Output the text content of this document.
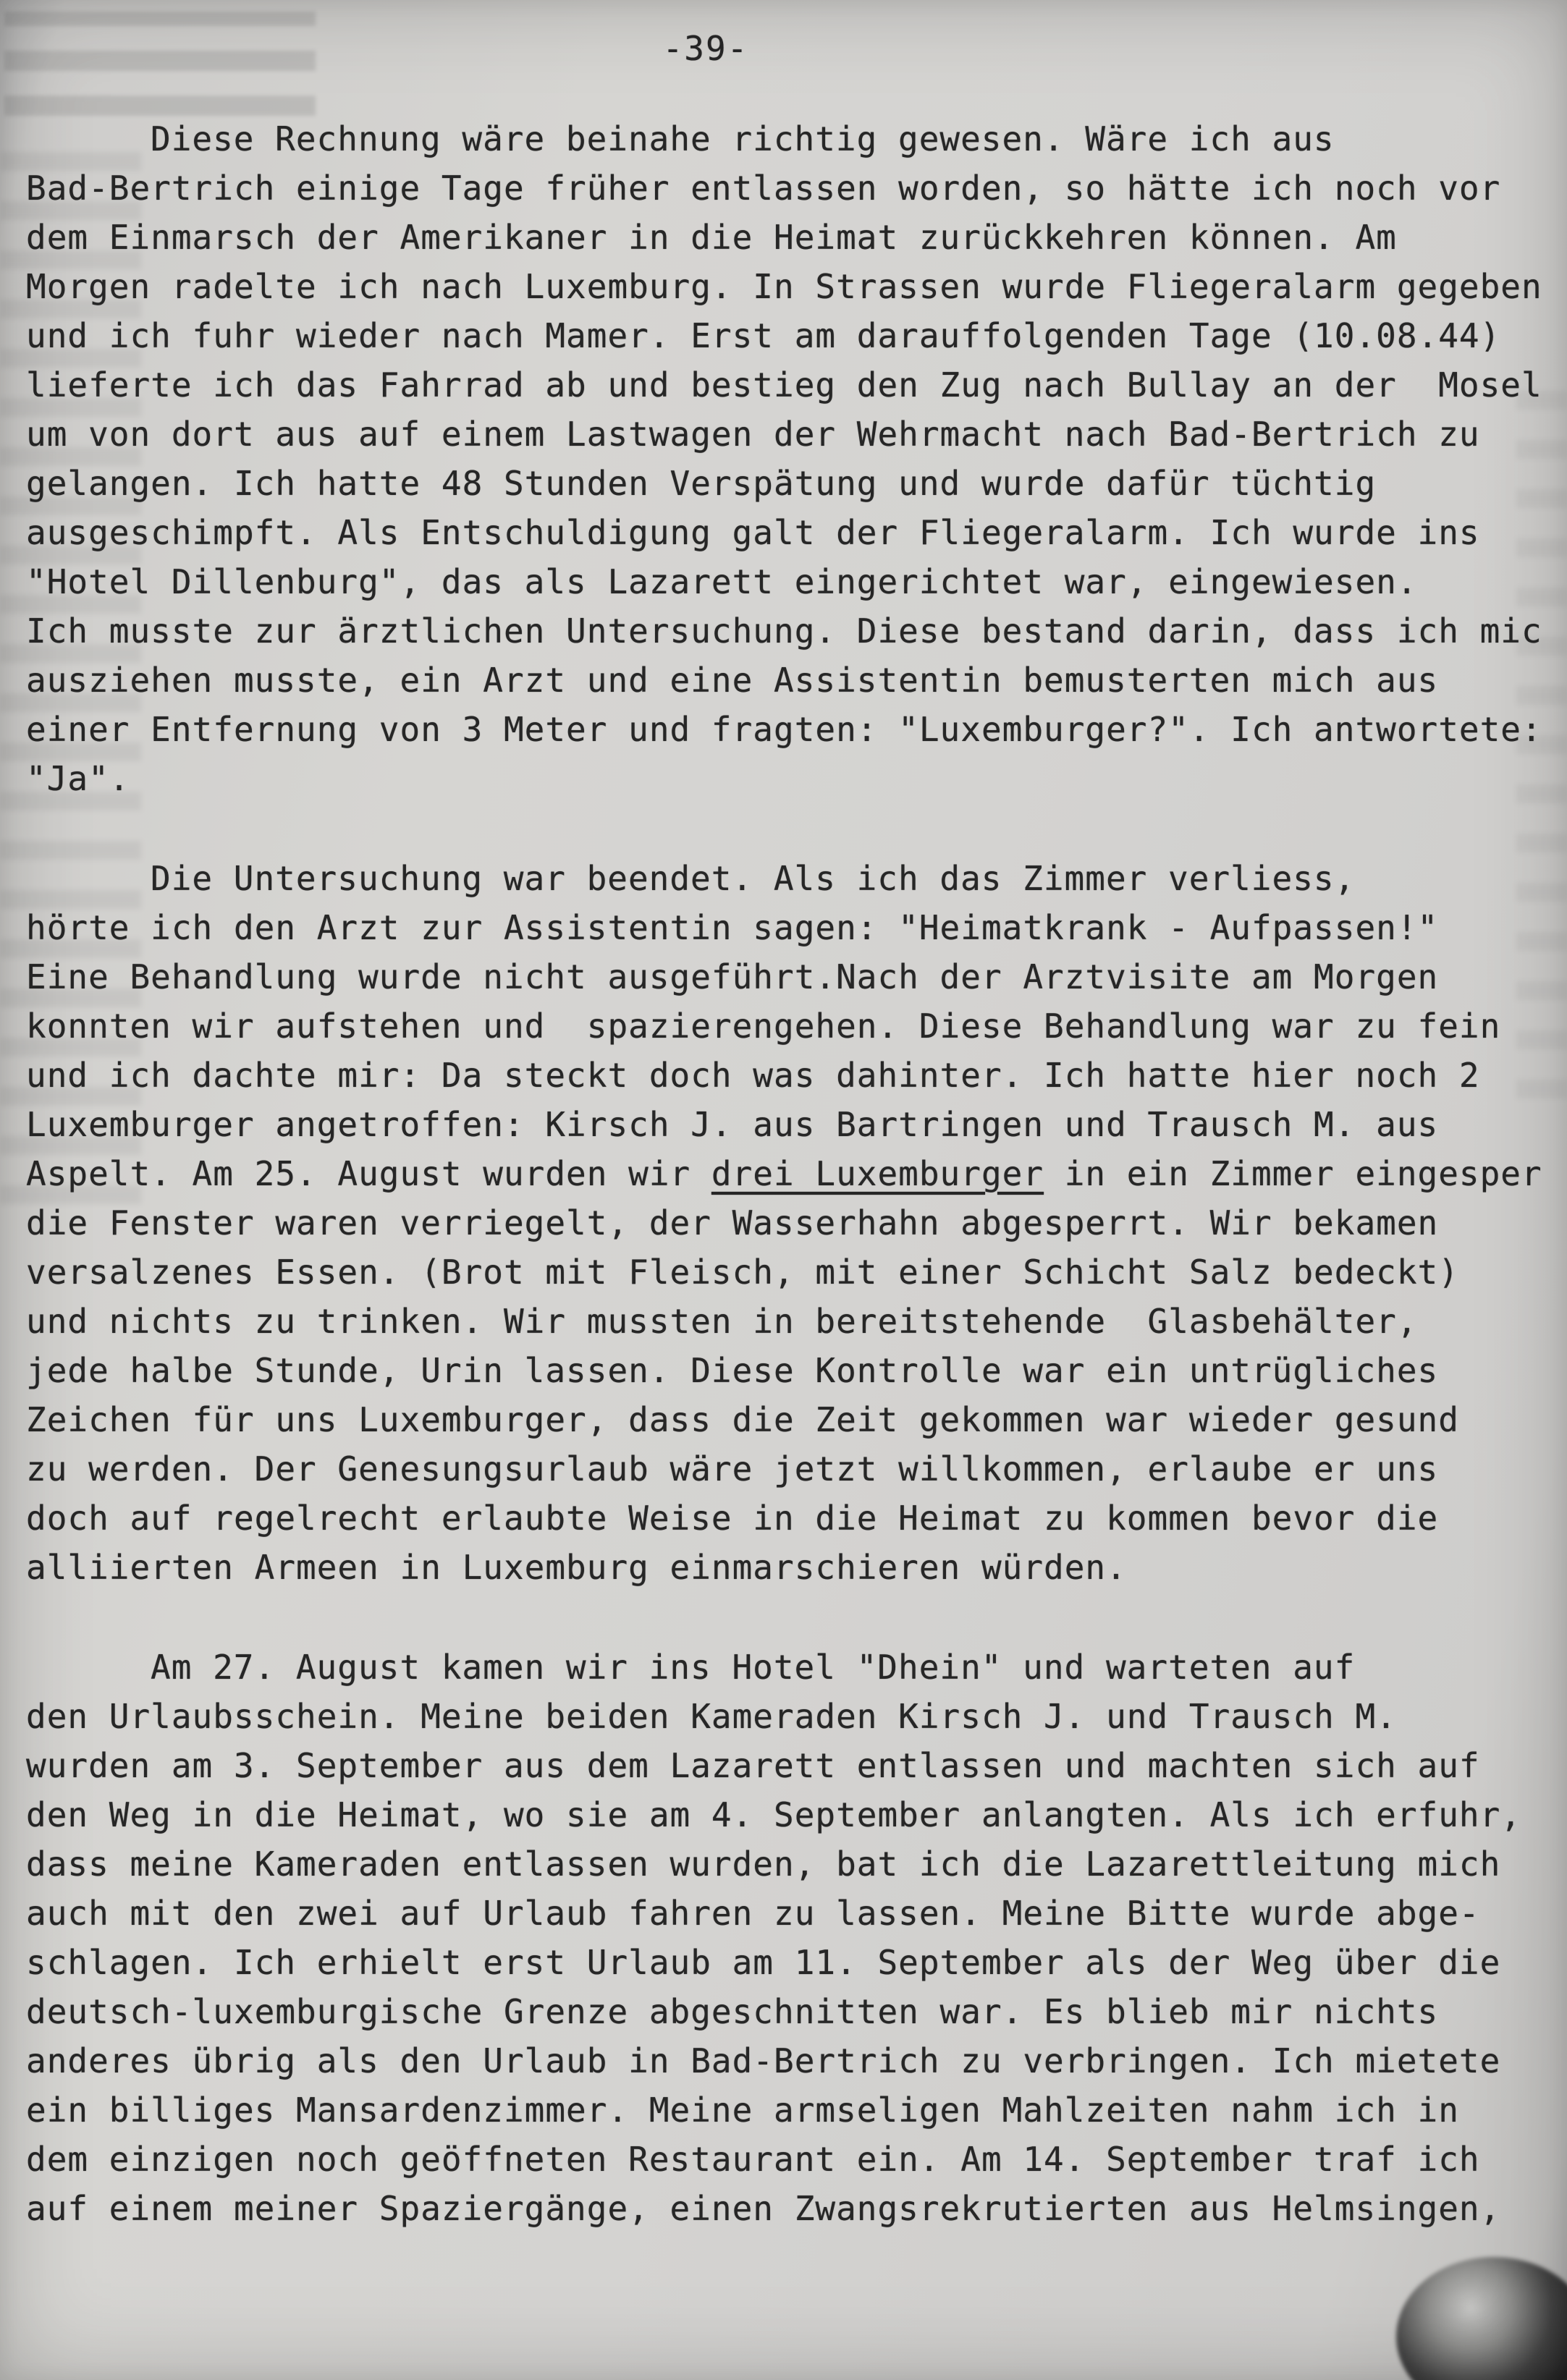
-39-
Diese Rechnung wäre beinahe richtig gewesen. Wäre ich aus
Bad-Bertrich einige Tage früher entlassen worden, so hätte ich noch vor
dem Einmarsch der Amerikaner in die Heimat zurückkehren können. Am
Morgen radelte ich nach Luxemburg. In Strassen wurde Fliegeralarm gegeben
und ich fuhr wieder nach Mamer. Erst am darauffolgenden Tage (10.08.44)
lieferte ich das Fahrrad ab und bestieg den Zug nach Bullay an der  Mosel
um von dort aus auf einem Lastwagen der Wehrmacht nach Bad-Bertrich zu
gelangen. Ich hatte 48 Stunden Verspätung und wurde dafür tüchtig
ausgeschimpft. Als Entschuldigung galt der Fliegeralarm. Ich wurde ins
"Hotel Dillenburg", das als Lazarett eingerichtet war, eingewiesen.
Ich musste zur ärztlichen Untersuchung. Diese bestand darin, dass ich mic
ausziehen musste, ein Arzt und eine Assistentin bemusterten mich aus
einer Entfernung von 3 Meter und fragten: "Luxemburger?". Ich antwortete:
"Ja".
Die Untersuchung war beendet. Als ich das Zimmer verliess,
hörte ich den Arzt zur Assistentin sagen: "Heimatkrank - Aufpassen!"
Eine Behandlung wurde nicht ausgeführt.Nach der Arztvisite am Morgen
konnten wir aufstehen und  spazierengehen. Diese Behandlung war zu fein
und ich dachte mir: Da steckt doch was dahinter. Ich hatte hier noch 2
Luxemburger angetroffen: Kirsch J. aus Bartringen und Trausch M. aus
Aspelt. Am 25. August wurden wir drei Luxemburger in ein Zimmer eingesper
die Fenster waren verriegelt, der Wasserhahn abgesperrt. Wir bekamen
versalzenes Essen. (Brot mit Fleisch, mit einer Schicht Salz bedeckt)
und nichts zu trinken. Wir mussten in bereitstehende  Glasbehälter,
jede halbe Stunde, Urin lassen. Diese Kontrolle war ein untrügliches
Zeichen für uns Luxemburger, dass die Zeit gekommen war wieder gesund
zu werden. Der Genesungsurlaub wäre jetzt willkommen, erlaube er uns
doch auf regelrecht erlaubte Weise in die Heimat zu kommen bevor die
alliierten Armeen in Luxemburg einmarschieren würden.
Am 27. August kamen wir ins Hotel "Dhein" und warteten auf
den Urlaubsschein. Meine beiden Kameraden Kirsch J. und Trausch M.
wurden am 3. September aus dem Lazarett entlassen und machten sich auf
den Weg in die Heimat, wo sie am 4. September anlangten. Als ich erfuhr,
dass meine Kameraden entlassen wurden, bat ich die Lazarettleitung mich
auch mit den zwei auf Urlaub fahren zu lassen. Meine Bitte wurde abge-
schlagen. Ich erhielt erst Urlaub am 11. September als der Weg über die
deutsch-luxemburgische Grenze abgeschnitten war. Es blieb mir nichts
anderes übrig als den Urlaub in Bad-Bertrich zu verbringen. Ich mietete
ein billiges Mansardenzimmer. Meine armseligen Mahlzeiten nahm ich in
dem einzigen noch geöffneten Restaurant ein. Am 14. September traf ich
auf einem meiner Spaziergänge, einen Zwangsrekrutierten aus Helmsingen,
